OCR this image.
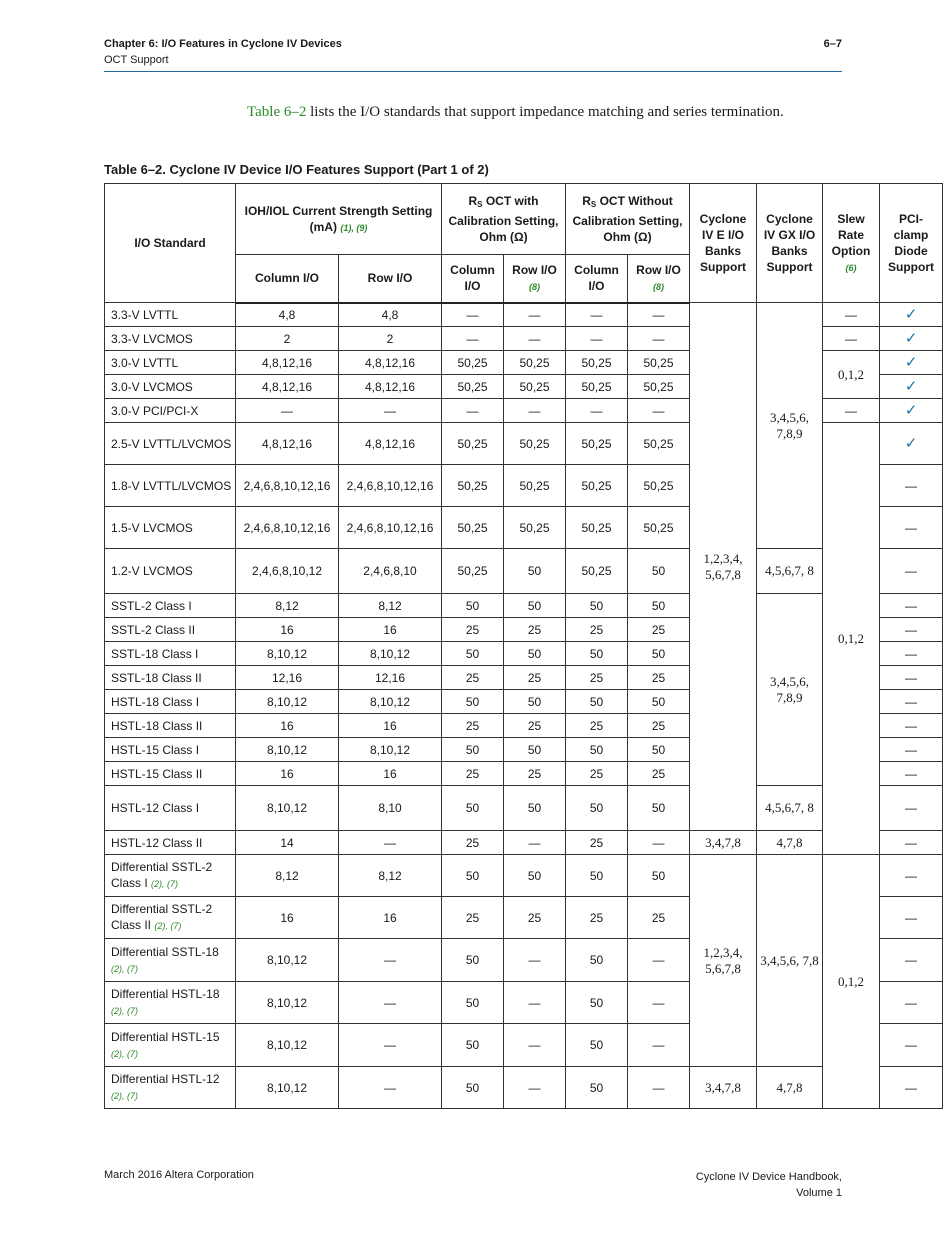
Chapter 6: I/O Features in Cyclone IV Devices
OCT Support
6–7
Table 6–2 lists the I/O standards that support impedance matching and series termination.
Table 6–2. Cyclone IV Device I/O Features Support (Part 1 of 2)
I/O Standard	IOH/IOL Current Strength Setting (mA) (1), (9)		$R_S$ OCT with Calibration Setting, Ohm (Ω)		$R_S$ OCT Without Calibration Setting, Ohm (Ω)		Cyclone IV E I/O Banks Support	Cyclone IV GX I/O Banks Support	Slew Rate Option (6)	PCI-clamp Diode Support
	Column I/O	Row I/O	Column I/O	Row I/O (8)	Column I/O	Row I/O (8)				
3.3-V LVTTL	4,8	4,8	—	—	—	—	1,2,3,4, 5,6,7,8	3,4,5,6, 7,8,9	—	✓
3.3-V LVCMOS	2	2	—	—	—	—			—	✓
3.0-V LVTTL	4,8,12,16	4,8,12,16	50,25	50,25	50,25	50,25			0,1,2	✓
3.0-V LVCMOS	4,8,12,16	4,8,12,16	50,25	50,25	50,25	50,25				✓
3.0-V PCI/PCI-X	—	—	—	—	—	—			—	✓
2.5-V LVTTL/LVCMOS	4,8,12,16	4,8,12,16	50,25	50,25	50,25	50,25			0,1,2	✓
1.8-V LVTTL/LVCMOS	2,4,6,8,10,12,16	2,4,6,8,10,12,16	50,25	50,25	50,25	50,25				—
1.5-V LVCMOS	2,4,6,8,10,12,16	2,4,6,8,10,12,16	50,25	50,25	50,25	50,25				—
1.2-V LVCMOS	2,4,6,8,10,12	2,4,6,8,10	50,25	50	50,25	50		4,5,6,7, 8		—
SSTL-2 Class I	8,12	8,12	50	50	50	50		3,4,5,6, 7,8,9		—
SSTL-2 Class II	16	16	25	25	25	25				—
SSTL-18 Class I	8,10,12	8,10,12	50	50	50	50				—
SSTL-18 Class II	12,16	12,16	25	25	25	25				—
HSTL-18 Class I	8,10,12	8,10,12	50	50	50	50				—
HSTL-18 Class II	16	16	25	25	25	25				—
HSTL-15 Class I	8,10,12	8,10,12	50	50	50	50				—
HSTL-15 Class II	16	16	25	25	25	25				—
HSTL-12 Class I	8,10,12	8,10	50	50	50	50		4,5,6,7, 8		—
HSTL-12 Class II	14	—	25	—	25	—	3,4,7,8	4,7,8		—
Differential SSTL-2 Class I (2), (7)	8,12	8,12	50	50	50	50	1,2,3,4, 5,6,7,8	3,4,5,6, 7,8	0,1,2	—
Differential SSTL-2 Class II (2), (7)	16	16	25	25	25	25				—
Differential SSTL-18 (2), (7)	8,10,12	—	50	—	50	—				—
Differential HSTL-18 (2), (7)	8,10,12	—	50	—	50	—				—
Differential HSTL-15 (2), (7)	8,10,12	—	50	—	50	—				—
Differential HSTL-12 (2), (7)	8,10,12	—	50	—	50	—	3,4,7,8	4,7,8		—
March 2016 Altera Corporation	Cyclone IV Device Handbook,
Volume 1
